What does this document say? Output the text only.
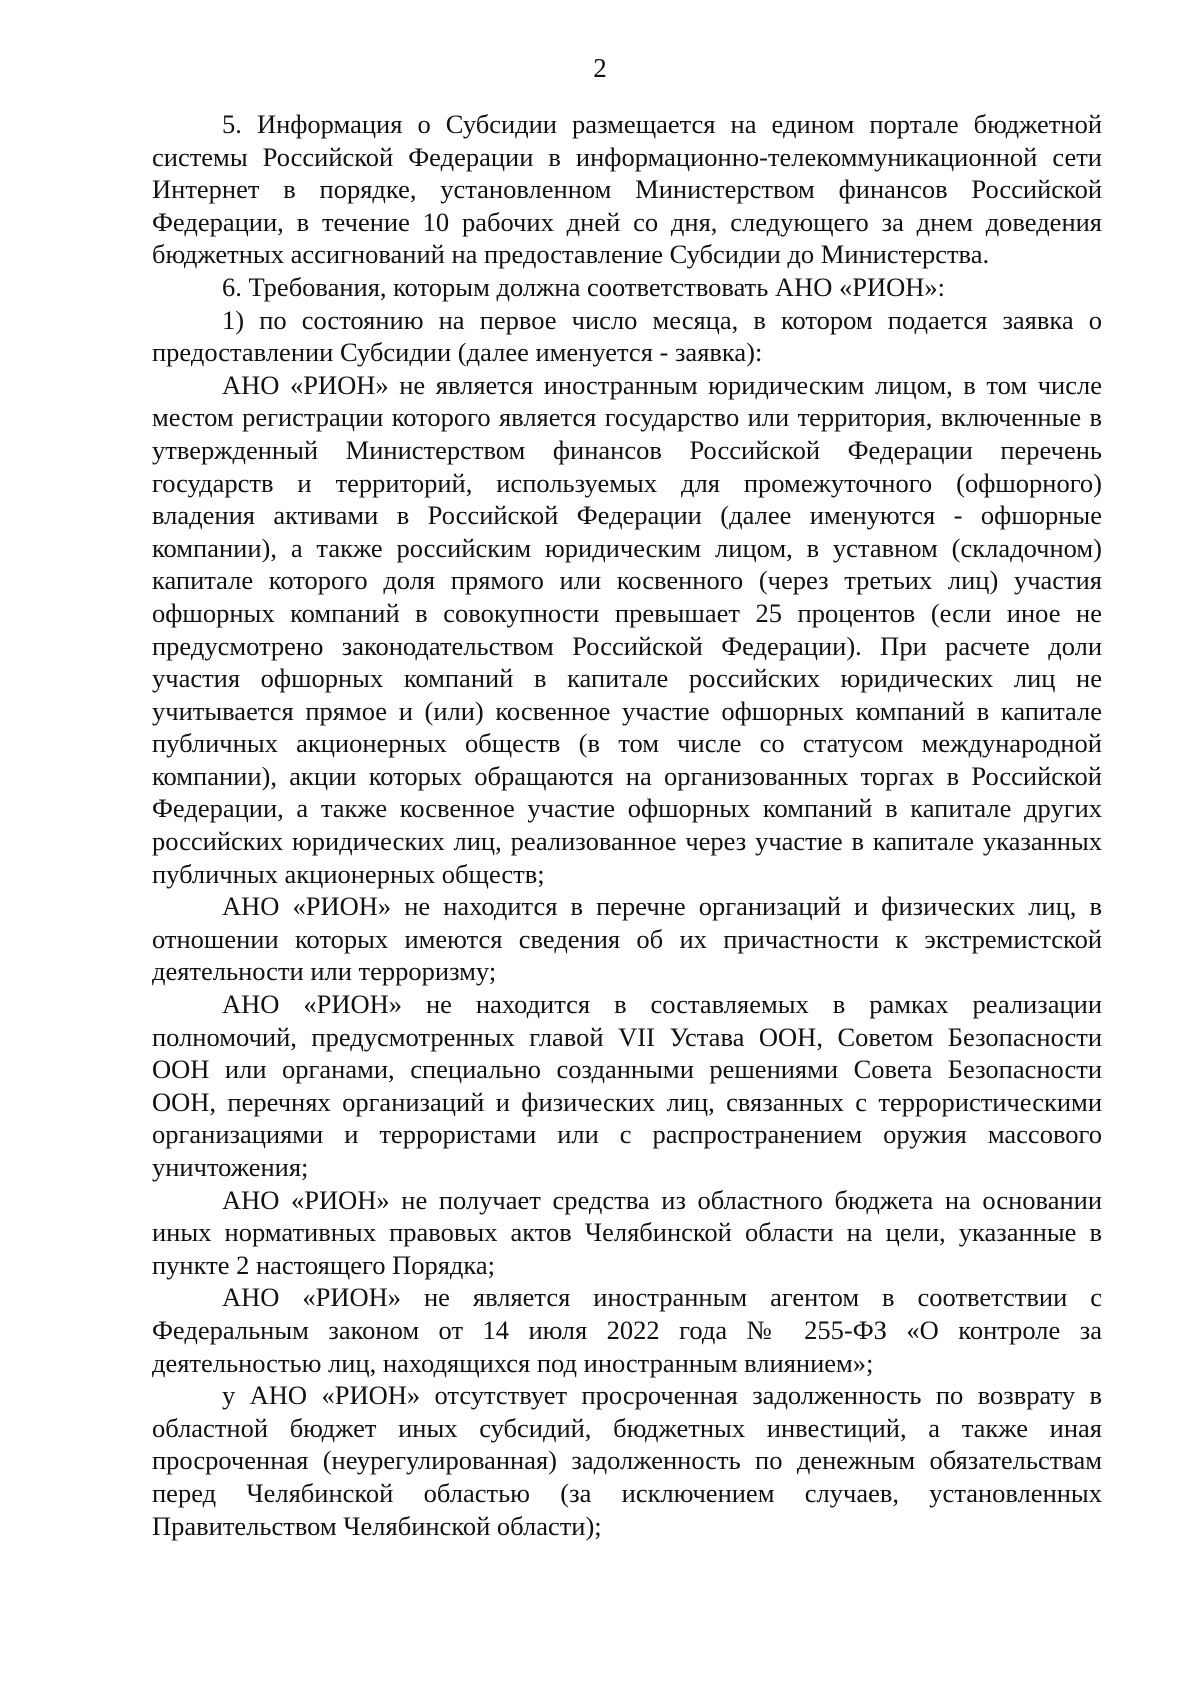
2

5. Информация о Субсидии размещается на едином портале бюджетной системы Российской Федерации в информационно-телекоммуникационной сети Интернет в порядке, установленном Министерством финансов Российской Федерации, в течение 10 рабочих дней со дня, следующего за днем доведения бюджетных ассигнований на предоставление Субсидии до Министерства.

6. Требования, которым должна соответствовать АНО «РИОН»:

1) по состоянию на первое число месяца, в котором подается заявка о предоставлении Субсидии (далее именуется - заявка):

АНО «РИОН» не является иностранным юридическим лицом, в том числе местом регистрации которого является государство или территория, включенные в утвержденный Министерством финансов Российской Федерации перечень государств и территорий, используемых для промежуточного (офшорного) владения активами в Российской Федерации (далее именуются - офшорные компании), а также российским юридическим лицом, в уставном (складочном) капитале которого доля прямого или косвенного (через третьих лиц) участия офшорных компаний в совокупности превышает 25 процентов (если иное не предусмотрено законодательством Российской Федерации). При расчете доли участия офшорных компаний в капитале российских юридических лиц не учитывается прямое и (или) косвенное участие офшорных компаний в капитале публичных акционерных обществ (в том числе со статусом международной компании), акции которых обращаются на организованных торгах в Российской Федерации, а также косвенное участие офшорных компаний в капитале других российских юридических лиц, реализованное через участие в капитале указанных публичных акционерных обществ;

АНО «РИОН» не находится в перечне организаций и физических лиц, в отношении которых имеются сведения об их причастности к экстремистской деятельности или терроризму;

АНО «РИОН» не находится в составляемых в рамках реализации полномочий, предусмотренных главой VII Устава ООН, Советом Безопасности ООН или органами, специально созданными решениями Совета Безопасности ООН, перечнях организаций и физических лиц, связанных с террористическими организациями и террористами или с распространением оружия массового уничтожения;

АНО «РИОН» не получает средства из областного бюджета на основании иных нормативных правовых актов Челябинской области на цели, указанные в пункте 2 настоящего Порядка;

АНО «РИОН» не является иностранным агентом в соответствии с Федеральным законом от 14 июля 2022 года № 255-ФЗ «О контроле за деятельностью лиц, находящихся под иностранным влиянием»;

у АНО «РИОН» отсутствует просроченная задолженность по возврату в областной бюджет иных субсидий, бюджетных инвестиций, а также иная просроченная (неурегулированная) задолженность по денежным обязательствам перед Челябинской областью (за исключением случаев, установленных Правительством Челябинской области);
